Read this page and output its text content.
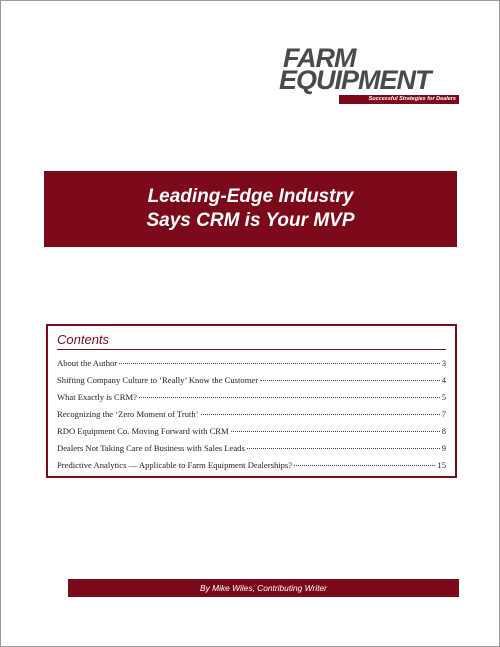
FARM
EQUIPMENT
Successful Strategies for Dealers
Leading-Edge Industry
Says CRM is Your MVP
Contents
About the Author	3
Shifting Company Culture to ‘Really’ Know the Customer	4
What Exactly is CRM?	5
Recognizing the ‘Zero Moment of Truth’	7
RDO Equipment Co. Moving Forward with CRM	8
Dealers Not Taking Care of Business with Sales Leads	9
Predictive Analytics — Applicable to Farm Equipment Dealerships?	15
By Mike Wiles, Contributing Writer
